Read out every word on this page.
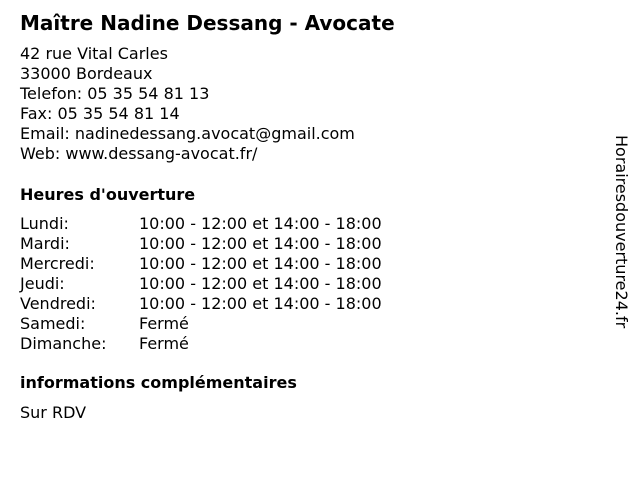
Maître Nadine Dessang - Avocate
42 rue Vital Carles
33000 Bordeaux
Telefon: 05 35 54 81 13
Fax: 05 35 54 81 14
Email: nadinedessang.avocat@gmail.com
Web: www.dessang-avocat.fr/
Heures d'ouverture
Lundi:	10:00 - 12:00 et 14:00 - 18:00
Mardi:	10:00 - 12:00 et 14:00 - 18:00
Mercredi:	10:00 - 12:00 et 14:00 - 18:00
Jeudi:	10:00 - 12:00 et 14:00 - 18:00
Vendredi:	10:00 - 12:00 et 14:00 - 18:00
Samedi:	Fermé
Dimanche:	Fermé
informations complémentaires
Sur RDV
Horairesdouverture24.fr
